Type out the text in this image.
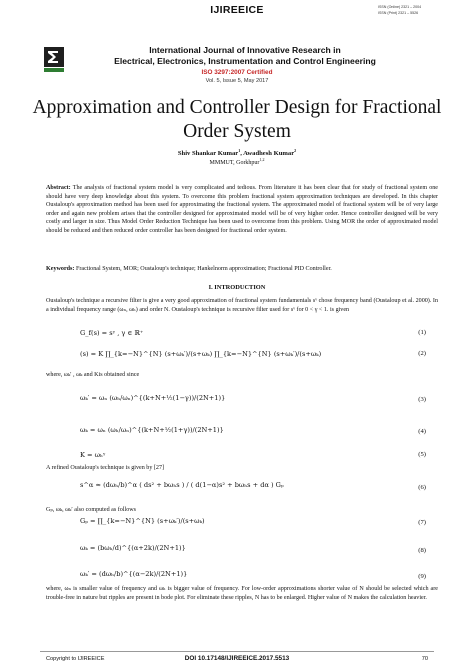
IJIREEICE	ISSN (Online) 2321 – 2004
ISSN (Print) 2321 – 5526
International Journal of Innovative Research in
Electrical, Electronics, Instrumentation and Control Engineering
ISO 3297:2007 Certified
Vol. 5, Issue 5, May 2017
Approximation and Controller Design for Fractional Order System
Shiv Shankar Kumar$^1$, Awadhesh Kumar$^2$
MMMUT, Gorkhpur$^{1,2}$
Abstract: The analysis of fractional system model is very complicated and tedious. From literature it has been clear that for study of fractional system one should have very deep knowledge about this system. To overcome this problem fractional system approximation techniques are developed. In this chapter Oustaloup's approximation method has been used for approximating the fractional system. The approximated model of fractional system will be of very large order and again new problem arises that the controller designed for approximated model will be of very higher order. Hence controller designed will be very costly and larger in size. Thus Model Order Reduction Technique has been used to overcome from this problem. Using MOR the order of approximated model should be reduced and then reduced order controller has been designed for fractional order system.
Keywords: Fractional System, MOR; Oustaloup's technique; Hankelnorm approximation; Fractional PID Controller.
I. INTRODUCTION
Oustaloup's technique a recursive filter is give a very good approximation of fractional system fundamentals sᵛ chose frequency band (Oustaloup et al. 2000). In a individual frequency range (ωₙ, ωₕ) and order N. Oustaloup's technique is recursive filter used for sᵛ for 0 < γ < 1. is given
G_f(s) = sᵞ , γ ∈ ℝ⁺	(1)
(s) = K ∏_{k=−N}^{N} (s+ωₖ′)/(s+ωₖ) ∏_{k=−N}^{N} (s+ωₖ′)/(s+ωₖ)	(2)
where, ωₖ′ , ωₖ and Kis obtained since
ωₖ′ = ωₙ (ωₕ/ωₙ)^{(k+N+½(1−γ))/(2N+1)}	(3)
ωₖ = ωₙ (ωₕ/ωₙ)^{(k+N+½(1+γ))/(2N+1)}	(4)
K = ωₕᵞ	(5)
A refined Oustaloup's technique is given by [27]
s^α ≈ (dωₕ/b)^α ( ds² + bωₕs ) / ( d(1−α)s² + bωₕs + dα ) Gₚ	(6)
Gₚ, ωₖ, ωₖ′ also computed as follows
Gₚ = ∏_{k=−N}^{N} (s+ωₖ′)/(s+ωₖ)	(7)
ωₖ = (bωₕ/d)^{(α+2k)/(2N+1)}	(8)
ωₖ′ = (dωₕ/b)^{(α−2k)/(2N+1)}	(9)
where, ωₙ is smaller value of frequency and ωₕ is bigger value of frequency. For low-order approximations shorter value of N should be selected which are trouble-free in nature but ripples are present in bode plot. For eliminate these ripples, N has to be enlarged. Higher value of N makes the calculation heavier.
Copyright to IJIREEICE	DOI 10.17148/IJIREEICE.2017.5513	70
